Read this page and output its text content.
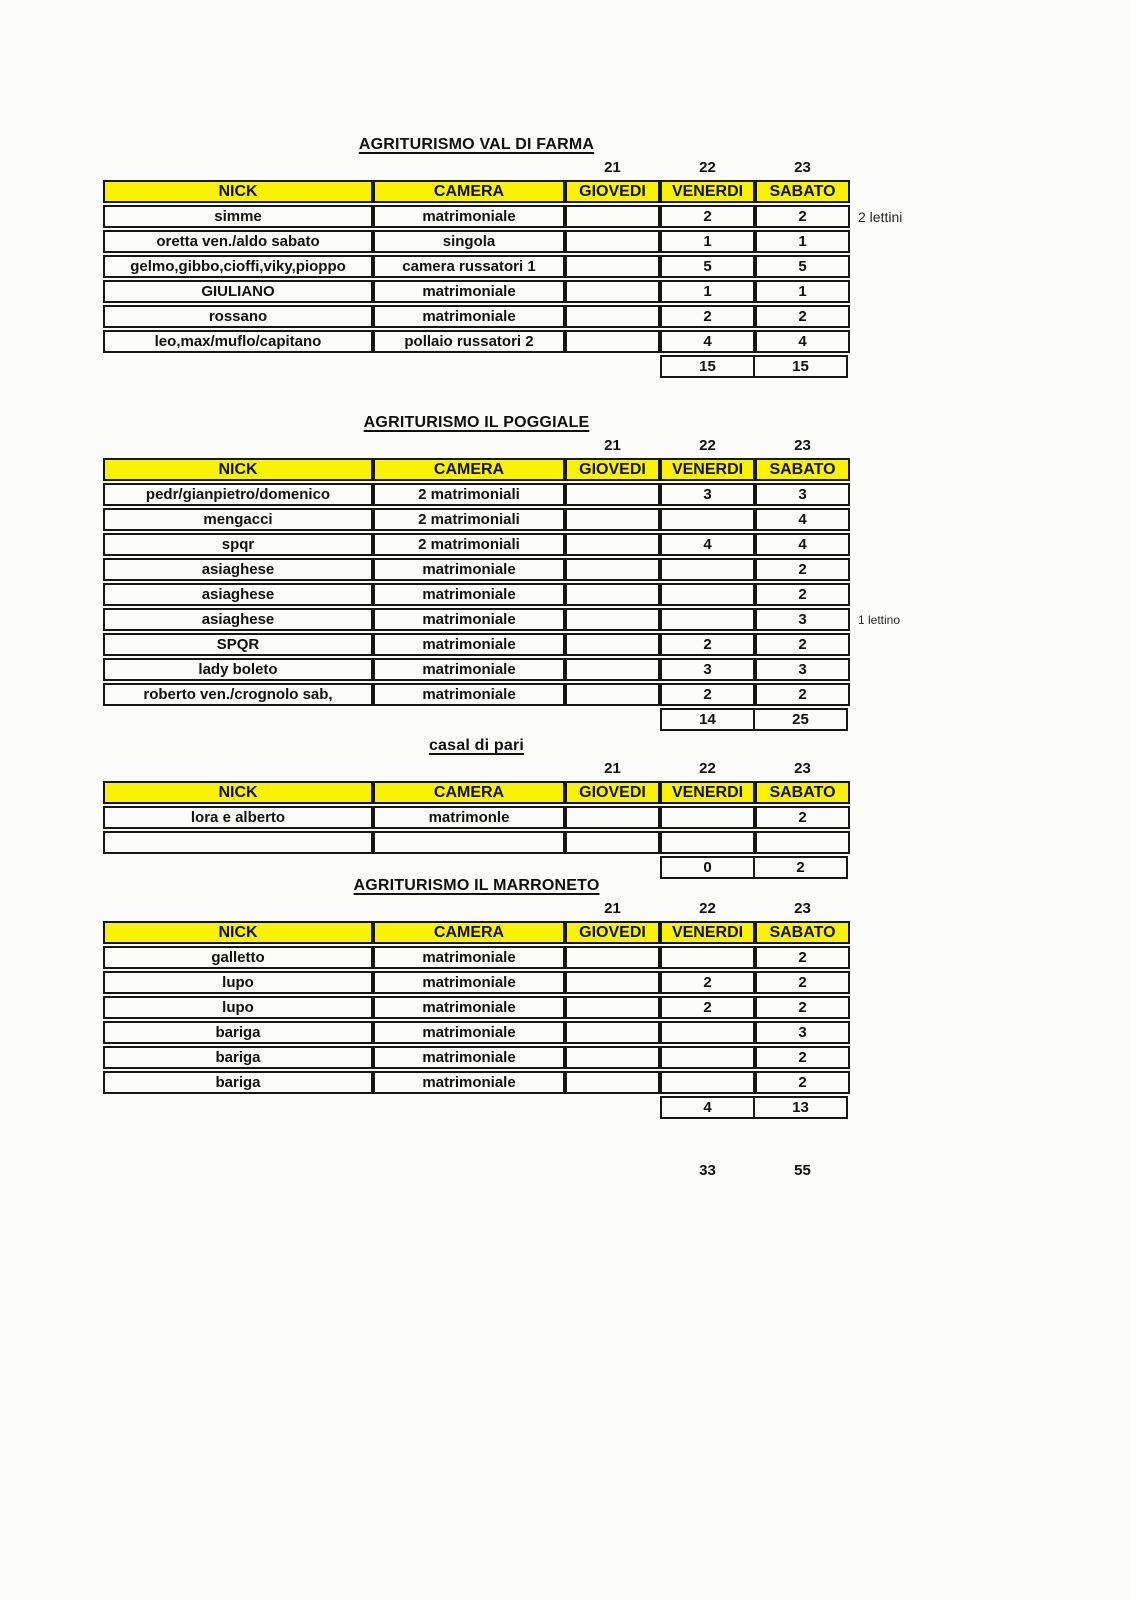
AGRITURISMO VAL DI FARMA
21	22	23
NICK	CAMERA	GIOVEDI	VENERDI	SABATO
simme	matrimoniale		2	2 2 lettini

oretta ven./aldo sabato	singola		1	1
gelmo,gibbo,cioffi,viky,pioppo	camera russatori 1		5	5
GIULIANO	matrimoniale		1	1
rossano	matrimoniale		2	2
leo,max/muflo/capitano	pollaio russatori 2		4	4
15	15
AGRITURISMO IL POGGIALE
21	22	23
NICK	CAMERA	GIOVEDI	VENERDI	SABATO
pedr/gianpietro/domenico	2 matrimoniali		3	3
mengacci	2 matrimoniali			4
spqr	2 matrimoniali		4	4
asiaghese	matrimoniale			2
asiaghese	matrimoniale			2
asiaghese	matrimoniale			3 1 lettino

SPQR	matrimoniale		2	2
lady boleto	matrimoniale		3	3
roberto ven./crognolo sab,	matrimoniale		2	2
14	25
casal di pari
21	22	23
NICK	CAMERA	GIOVEDI	VENERDI	SABATO
lora e alberto	matrimonle			2

0	2
AGRITURISMO IL MARRONETO
21	22	23
NICK	CAMERA	GIOVEDI	VENERDI	SABATO
galletto	matrimoniale			2
lupo	matrimoniale		2	2
lupo	matrimoniale		2	2
bariga	matrimoniale			3
bariga	matrimoniale			2
bariga	matrimoniale			2
4	13
33	55
